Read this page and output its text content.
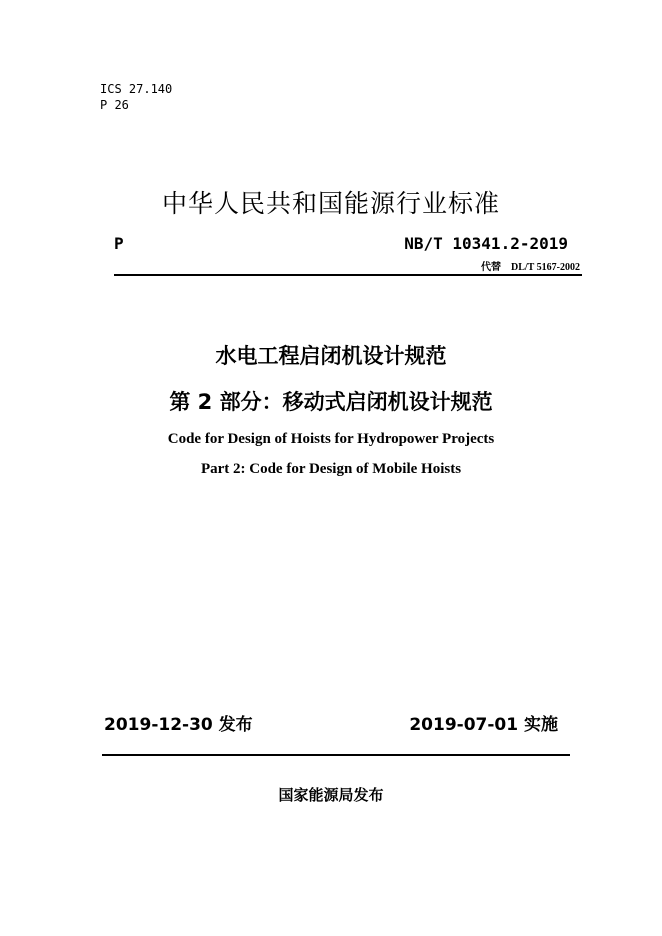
ICS 27.140
P 26
中华人民共和国能源行业标准
P	NB/T 10341.2-2019
代替 DL/T 5167-2002
水电工程启闭机设计规范
第 2 部分：移动式启闭机设计规范
Code for Design of Hoists for Hydropower Projects
Part 2: Code for Design of Mobile Hoists
2019-12-30 发布	2019-07-01 实施
国家能源局发布
